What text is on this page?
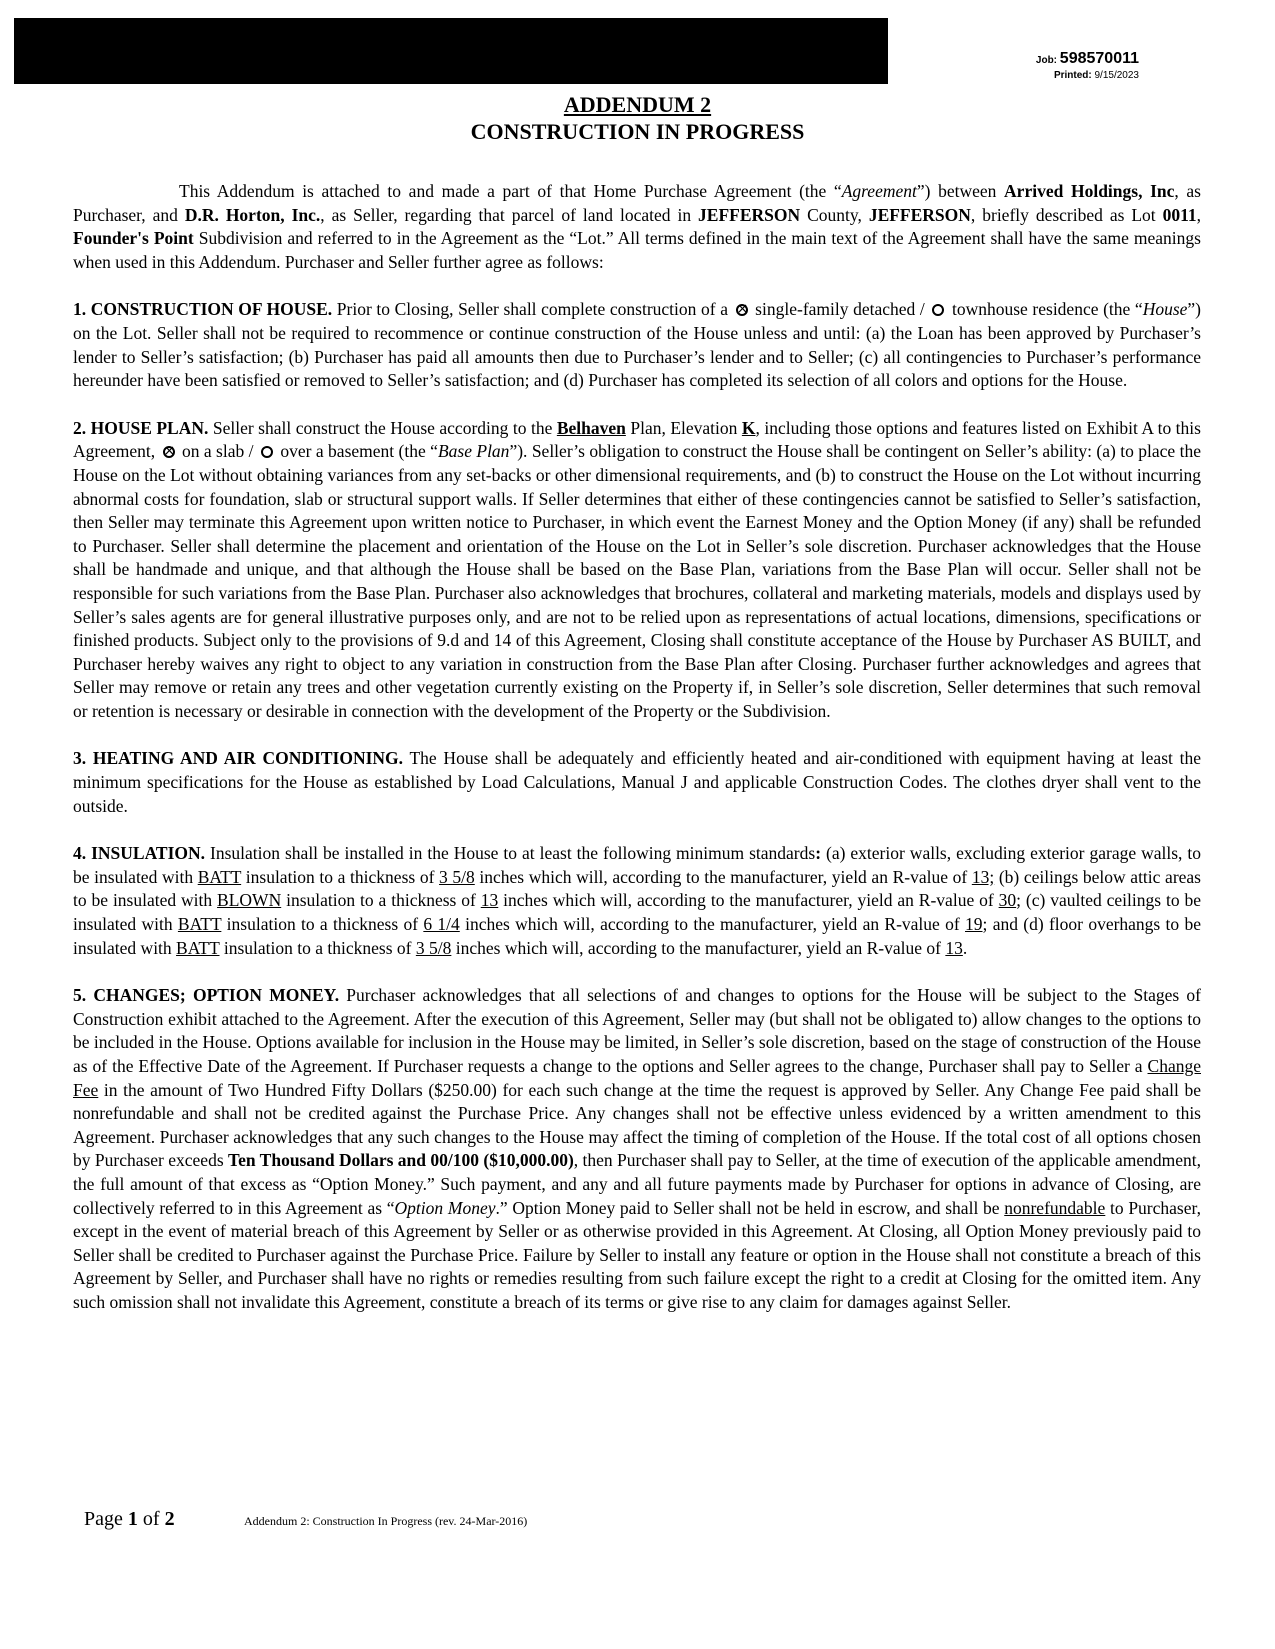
Job: 598570011
Printed: 9/15/2023
ADDENDUM 2
CONSTRUCTION IN PROGRESS

This Addendum is attached to and made a part of that Home Purchase Agreement (the “Agreement”) between Arrived Holdings, Inc, as Purchaser, and D.R. Horton, Inc., as Seller, regarding that parcel of land located in JEFFERSON County, JEFFERSON, briefly described as Lot 0011, Founder's Point Subdivision and referred to in the Agreement as the “Lot.” All terms defined in the main text of the Agreement shall have the same meanings when used in this Addendum. Purchaser and Seller further agree as follows:

1. CONSTRUCTION OF HOUSE. Prior to Closing, Seller shall complete construction of a × single-family detached /  townhouse residence (the “House”) on the Lot. Seller shall not be required to recommence or continue construction of the House unless and until: (a) the Loan has been approved by Purchaser’s lender to Seller’s satisfaction; (b) Purchaser has paid all amounts then due to Purchaser’s lender and to Seller; (c) all contingencies to Purchaser’s performance hereunder have been satisfied or removed to Seller’s satisfaction; and (d) Purchaser has completed its selection of all colors and options for the House.

2. HOUSE PLAN. Seller shall construct the House according to the Belhaven Plan, Elevation K, including those options and features listed on Exhibit A to this Agreement, × on a slab /  over a basement (the “Base Plan”). Seller’s obligation to construct the House shall be contingent on Seller’s ability: (a) to place the House on the Lot without obtaining variances from any set-backs or other dimensional requirements, and (b) to construct the House on the Lot without incurring abnormal costs for foundation, slab or structural support walls. If Seller determines that either of these contingencies cannot be satisfied to Seller’s satisfaction, then Seller may terminate this Agreement upon written notice to Purchaser, in which event the Earnest Money and the Option Money (if any) shall be refunded to Purchaser. Seller shall determine the placement and orientation of the House on the Lot in Seller’s sole discretion. Purchaser acknowledges that the House shall be handmade and unique, and that although the House shall be based on the Base Plan, variations from the Base Plan will occur. Seller shall not be responsible for such variations from the Base Plan. Purchaser also acknowledges that brochures, collateral and marketing materials, models and displays used by Seller’s sales agents are for general illustrative purposes only, and are not to be relied upon as representations of actual locations, dimensions, specifications or finished products. Subject only to the provisions of 9.d and 14 of this Agreement, Closing shall constitute acceptance of the House by Purchaser AS BUILT, and Purchaser hereby waives any right to object to any variation in construction from the Base Plan after Closing. Purchaser further acknowledges and agrees that Seller may remove or retain any trees and other vegetation currently existing on the Property if, in Seller’s sole discretion, Seller determines that such removal or retention is necessary or desirable in connection with the development of the Property or the Subdivision.

3. HEATING AND AIR CONDITIONING. The House shall be adequately and efficiently heated and air-conditioned with equipment having at least the minimum specifications for the House as established by Load Calculations, Manual J and applicable Construction Codes. The clothes dryer shall vent to the outside.

4. INSULATION. Insulation shall be installed in the House to at least the following minimum standards: (a) exterior walls, excluding exterior garage walls, to be insulated with BATT insulation to a thickness of 3 5/8 inches which will, according to the manufacturer, yield an R-value of 13; (b) ceilings below attic areas to be insulated with BLOWN insulation to a thickness of 13 inches which will, according to the manufacturer, yield an R-value of 30; (c) vaulted ceilings to be insulated with BATT insulation to a thickness of 6 1/4 inches which will, according to the manufacturer, yield an R-value of 19; and (d) floor overhangs to be insulated with BATT insulation to a thickness of 3 5/8 inches which will, according to the manufacturer, yield an R-value of 13.

5. CHANGES; OPTION MONEY. Purchaser acknowledges that all selections of and changes to options for the House will be subject to the Stages of Construction exhibit attached to the Agreement. After the execution of this Agreement, Seller may (but shall not be obligated to) allow changes to the options to be included in the House. Options available for inclusion in the House may be limited, in Seller’s sole discretion, based on the stage of construction of the House as of the Effective Date of the Agreement. If Purchaser requests a change to the options and Seller agrees to the change, Purchaser shall pay to Seller a Change Fee in the amount of Two Hundred Fifty Dollars ($250.00) for each such change at the time the request is approved by Seller. Any Change Fee paid shall be nonrefundable and shall not be credited against the Purchase Price. Any changes shall not be effective unless evidenced by a written amendment to this Agreement. Purchaser acknowledges that any such changes to the House may affect the timing of completion of the House. If the total cost of all options chosen by Purchaser exceeds Ten Thousand Dollars and 00/100 ($10,000.00), then Purchaser shall pay to Seller, at the time of execution of the applicable amendment, the full amount of that excess as “Option Money.” Such payment, and any and all future payments made by Purchaser for options in advance of Closing, are collectively referred to in this Agreement as “Option Money.” Option Money paid to Seller shall not be held in escrow, and shall be nonrefundable to Purchaser, except in the event of material breach of this Agreement by Seller or as otherwise provided in this Agreement. At Closing, all Option Money previously paid to Seller shall be credited to Purchaser against the Purchase Price. Failure by Seller to install any feature or option in the House shall not constitute a breach of this Agreement by Seller, and Purchaser shall have no rights or remedies resulting from such failure except the right to a credit at Closing for the omitted item. Any such omission shall not invalidate this Agreement, constitute a breach of its terms or give rise to any claim for damages against Seller.

Page 1 of 2	Addendum 2: Construction In Progress (rev. 24-Mar-2016)
